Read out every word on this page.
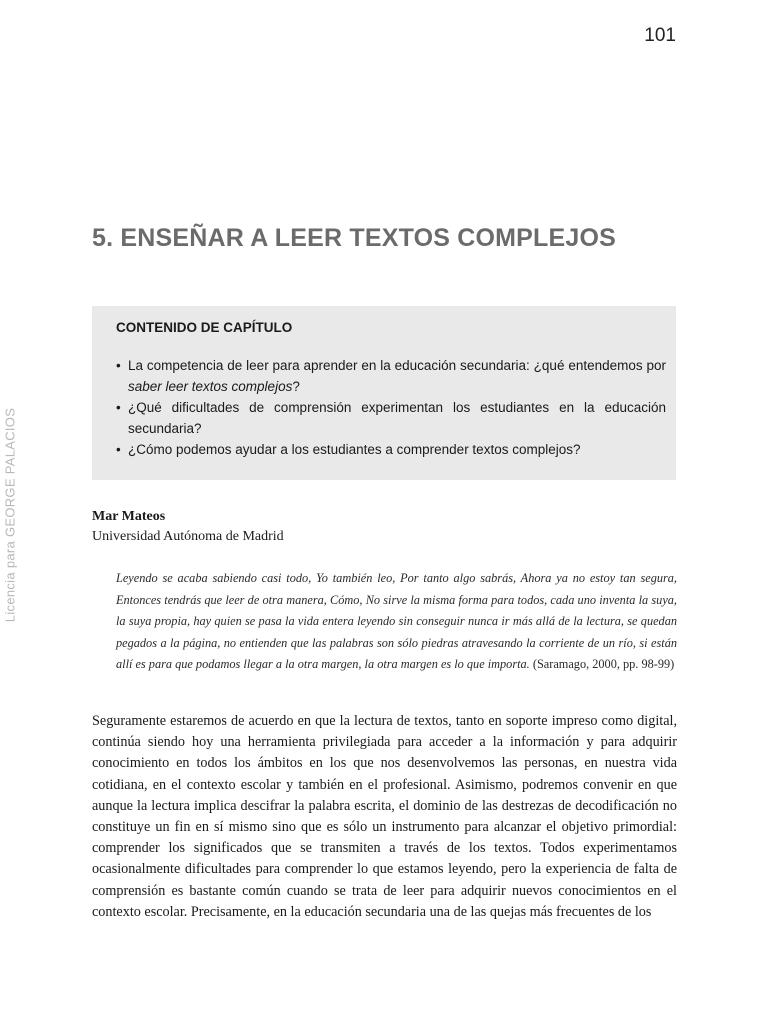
101
Licencia para GEORGE PALACIOS
5. ENSEÑAR A LEER TEXTOS COMPLEJOS
CONTENIDO DE CAPÍTULO
• La competencia de leer para aprender en la educación secundaria: ¿qué entendemos por saber leer textos complejos?
• ¿Qué dificultades de comprensión experimentan los estudiantes en la educación secundaria?
• ¿Cómo podemos ayudar a los estudiantes a comprender textos complejos?
Mar Mateos
Universidad Autónoma de Madrid

Leyendo se acaba sabiendo casi todo, Yo también leo, Por tanto algo sabrás, Ahora ya no estoy tan segura, Entonces tendrás que leer de otra manera, Cómo, No sirve la misma forma para todos, cada uno inventa la suya, la suya propia, hay quien se pasa la vida entera leyendo sin conseguir nunca ir más allá de la lectura, se quedan pegados a la página, no entienden que las palabras son sólo piedras atravesando la corriente de un río, si están allí es para que podamos llegar a la otra margen, la otra margen es lo que importa. (Saramago, 2000, pp. 98-99)

Seguramente estaremos de acuerdo en que la lectura de textos, tanto en soporte impreso como digital, continúa siendo hoy una herramienta privilegiada para acceder a la información y para adquirir conocimiento en todos los ámbitos en los que nos desenvolvemos las personas, en nuestra vida cotidiana, en el contexto escolar y también en el profesional. Asimismo, podremos convenir en que aunque la lectura implica descifrar la palabra escrita, el dominio de las destrezas de decodificación no constituye un fin en sí mismo sino que es sólo un instrumento para alcanzar el objetivo primordial: comprender los significados que se transmiten a través de los textos. Todos experimentamos ocasionalmente dificultades para comprender lo que estamos leyendo, pero la experiencia de falta de comprensión es bastante común cuando se trata de leer para adquirir nuevos conocimientos en el contexto escolar. Precisamente, en la educación secundaria una de las quejas más frecuentes de los
